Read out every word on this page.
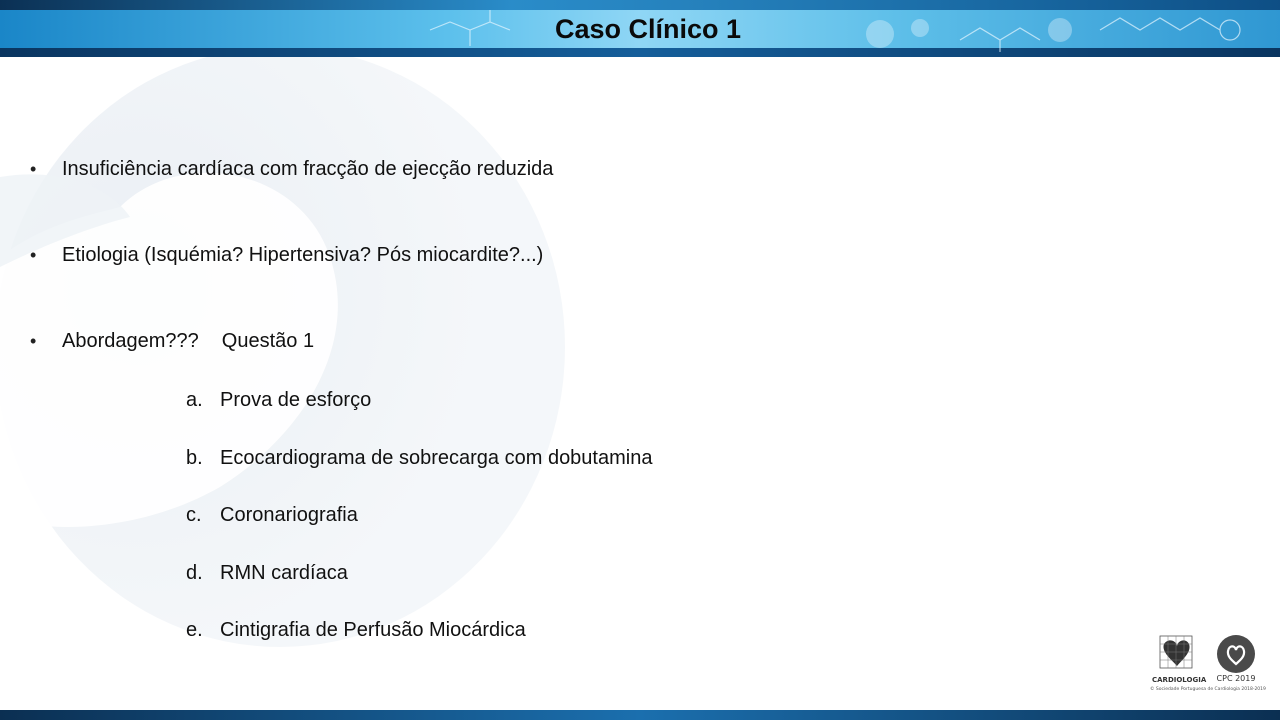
Caso Clínico 1
•	Insuficiência cardíaca com fracção de ejecção reduzida
•	Etiologia (Isquémia? Hipertensiva? Pós miocardite?...)
•	Abordagem??? Questão 1
a. Prova de esforço
b. Ecocardiograma de sobrecarga com dobutamina
c. Coronariografia
d. RMN cardíaca
e. Cintigrafia de Perfusão Miocárdica
CARDIOLOGIA	CPC 2019
© Sociedade Portuguesa de Cardiologia 2018-2019
